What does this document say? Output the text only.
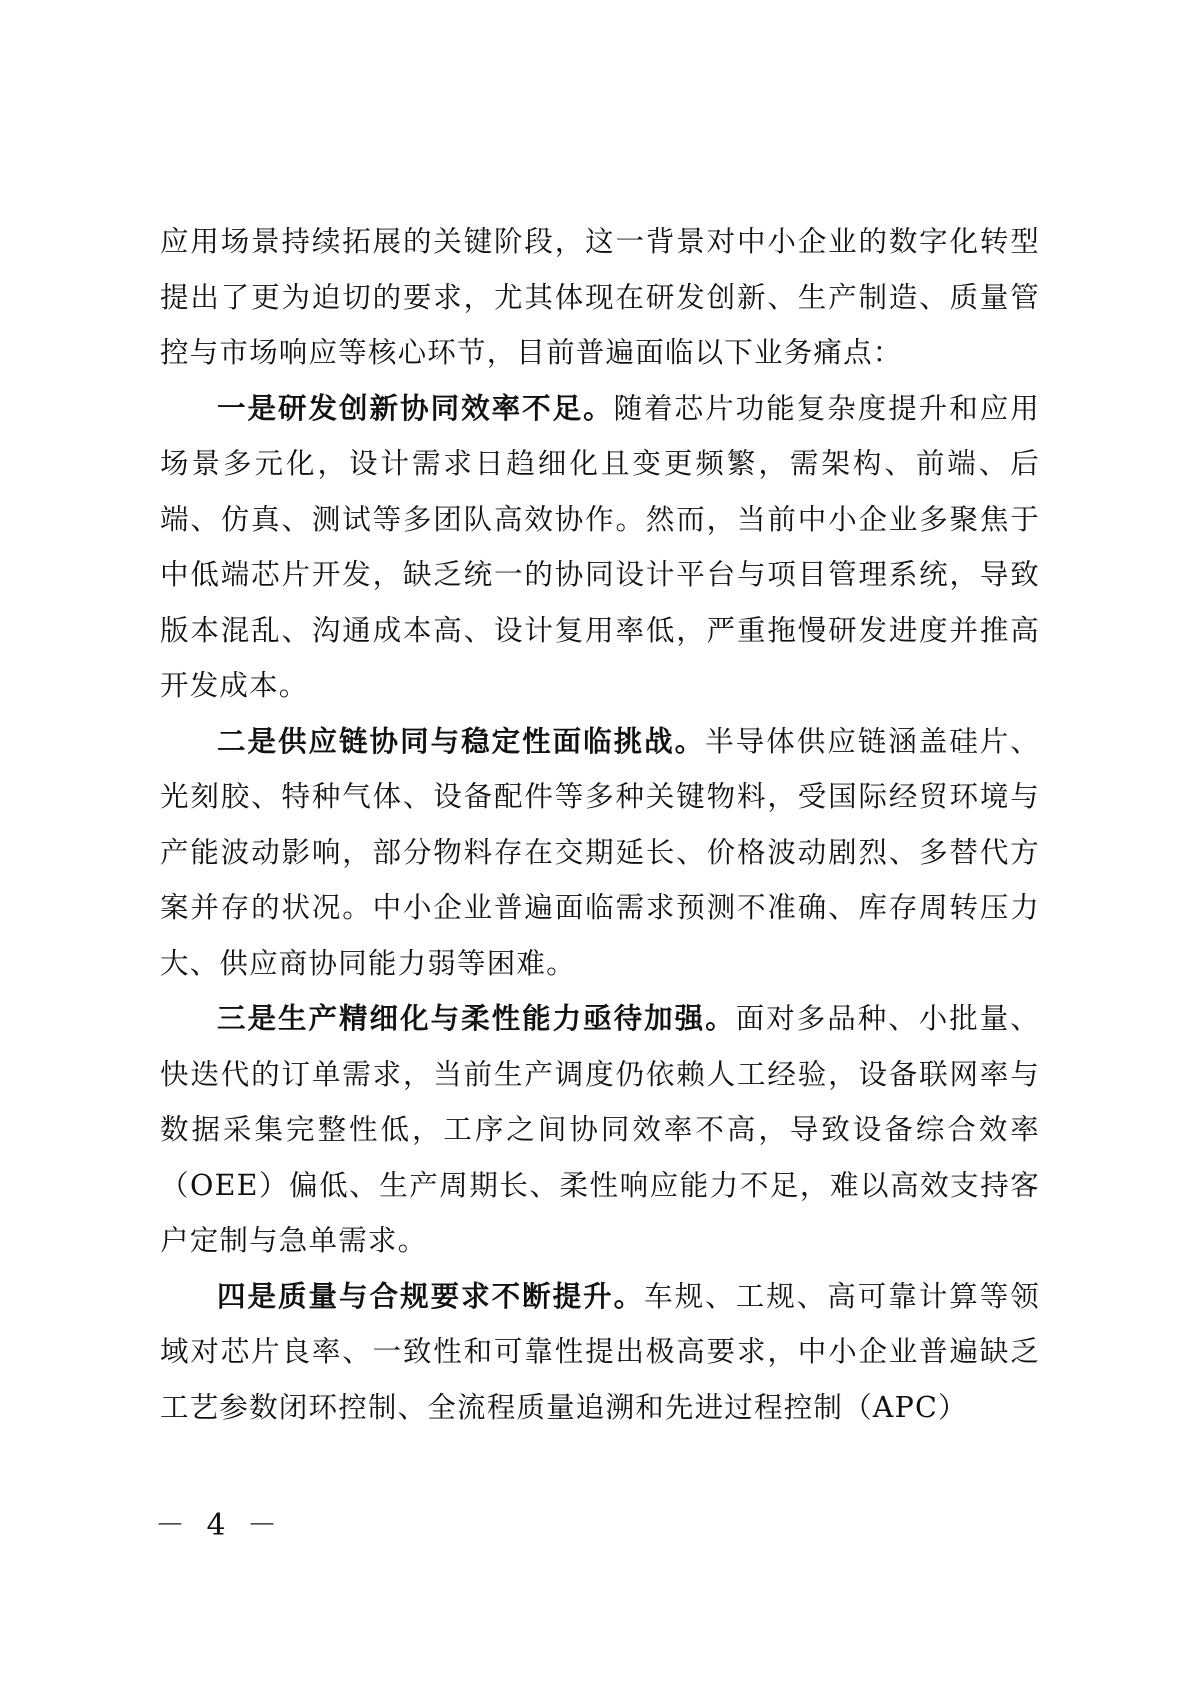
应用场景持续拓展的关键阶段，这一背景对中小企业的数字化转型提出了更为迫切的要求，尤其体现在研发创新、生产制造、质量管控与市场响应等核心环节，目前普遍面临以下业务痛点：

一是研发创新协同效率不足。随着芯片功能复杂度提升和应用场景多元化，设计需求日趋细化且变更频繁，需架构、前端、后端、仿真、测试等多团队高效协作。然而，当前中小企业多聚焦于中低端芯片开发，缺乏统一的协同设计平台与项目管理系统，导致版本混乱、沟通成本高、设计复用率低，严重拖慢研发进度并推高开发成本。

二是供应链协同与稳定性面临挑战。半导体供应链涵盖硅片、光刻胶、特种气体、设备配件等多种关键物料，受国际经贸环境与产能波动影响，部分物料存在交期延长、价格波动剧烈、多替代方案并存的状况。中小企业普遍面临需求预测不准确、库存周转压力大、供应商协同能力弱等困难。

三是生产精细化与柔性能力亟待加强。面对多品种、小批量、快迭代的订单需求，当前生产调度仍依赖人工经验，设备联网率与数据采集完整性低，工序之间协同效率不高，导致设备综合效率（OEE）偏低、生产周期长、柔性响应能力不足，难以高效支持客户定制与急单需求。

四是质量与合规要求不断提升。车规、工规、高可靠计算等领域对芯片良率、一致性和可靠性提出极高要求，中小企业普遍缺乏工艺参数闭环控制、全流程质量追溯和先进过程控制（APC）

－ 4 －
